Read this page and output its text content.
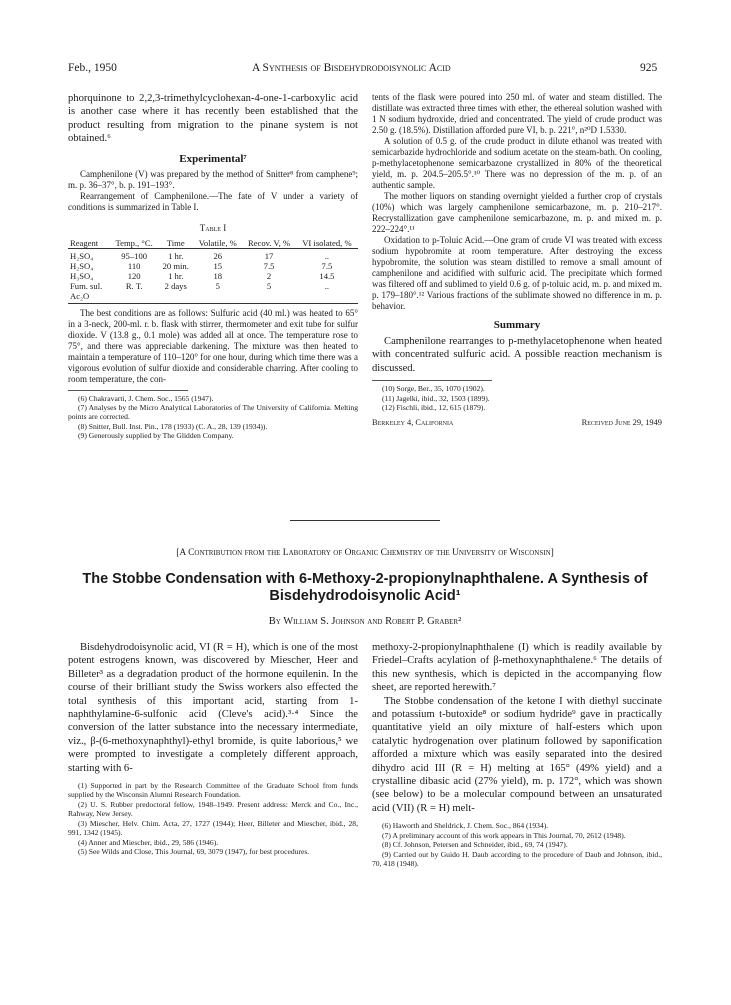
Feb., 1950	A Synthesis of Bisdehydrodoisynolic Acid	925

phorquinone to 2,2,3-trimethylcyclohexan-4-one-1-carboxylic acid is another case where it has recently been established that the product resulting from migration to the pinane system is not obtained.⁶

Experimental⁷

Camphenilone (V) was prepared by the method of Snitter⁸ from camphene⁹; m. p. 36–37°, b. p. 191–193°.

Rearrangement of Camphenilone.—The fate of V under a variety of conditions is summarized in Table I.

Table I

Reagent	Temp., °C.	Time	Volatile, %	Recov. V, %	VI isolated, %

H₂SO₄	95–100	1 hr.	26	17	..
H₂SO₄	110	20 min.	15	7.5	7.5
H₃SO₄	120	1 hr.	18	2	14.5
Fum. sul.	R. T.	2 days	5	5	..
Ac₂O					

The best conditions are as follows: Sulfuric acid (40 ml.) was heated to 65° in a 3-neck, 200-ml. r. b. flask with stirrer, thermometer and exit tube for sulfur dioxide. V (13.8 g., 0.1 mole) was added all at once. The temperature rose to 75°, and there was appreciable darkening. The mixture was then heated to maintain a temperature of 110–120° for one hour, during which time there was a vigorous evolution of sulfur dioxide and considerable charring. After cooling to room temperature, the con-

(6) Chakravarti, J. Chem. Soc., 1565 (1947).

(7) Analyses by the Micro Analytical Laboratories of The University of California. Melting points are corrected.

(8) Snitter, Bull. Inst. Pin., 178 (1933) (C. A., 28, 139 (1934)).

(9) Generously supplied by The Glidden Company.

tents of the flask were poured into 250 ml. of water and steam distilled. The distillate was extracted three times with ether, the ethereal solution washed with 1 N sodium hydroxide, dried and concentrated. The yield of crude product was 2.50 g. (18.5%). Distillation afforded pure VI, b. p. 221°, n²⁰D 1.5330.

A solution of 0.5 g. of the crude product in dilute ethanol was treated with semicarbazide hydrochloride and sodium acetate on the steam-bath. On cooling, p-methylacetophenone semicarbazone crystallized in 80% of the theoretical yield, m. p. 204.5–205.5°.¹⁰ There was no depression of the m. p. of an authentic sample.

The mother liquors on standing overnight yielded a further crop of crystals (10%) which was largely camphenilone semicarbazone, m. p. 210–217°. Recrystallization gave camphenilone semicarbazone, m. p. and mixed m. p. 222–224°.¹¹

Oxidation to p-Toluic Acid.—One gram of crude VI was treated with excess sodium hypobromite at room temperature. After destroying the excess hypobromite, the solution was steam distilled to remove a small amount of camphenilone and acidified with sulfuric acid. The precipitate which formed was filtered off and sublimed to yield 0.6 g. of p-toluic acid, m. p. and mixed m. p. 179–180°.¹² Various fractions of the sublimate showed no difference in m. p. behavior.

Summary

Camphenilone rearranges to p-methylacetophenone when heated with concentrated sulfuric acid. A possible reaction mechanism is discussed.

(10) Sorge, Ber., 35, 1070 (1902).

(11) Jagelki, ibid., 32, 1503 (1899).

(12) Fischli, ibid., 12, 615 (1879).

Berkeley 4, California	Received June 29, 1949
[A Contribution from the Laboratory of Organic Chemistry of the University of Wisconsin]
The Stobbe Condensation with 6-Methoxy-2-propionylnaphthalene. A Synthesis of Bisdehydrodoisynolic Acid¹
By William S. Johnson and Robert P. Graber²

Bisdehydrodoisynolic acid, VI (R = H), which is one of the most potent estrogens known, was discovered by Miescher, Heer and Billeter³ as a degradation product of the hormone equilenin. In the course of their brilliant study the Swiss workers also effected the total synthesis of this important acid, starting from 1-naphthylamine-6-sulfonic acid (Cleve's acid).³·⁴ Since the conversion of the latter substance into the necessary intermediate, viz., β-(6-methoxynaphthyl)-ethyl bromide, is quite laborious,⁵ we were prompted to investigate a completely different approach, starting with 6-

(1) Supported in part by the Research Committee of the Graduate School from funds supplied by the Wisconsin Alumni Research Foundation.

(2) U. S. Rubber predoctoral fellow, 1948–1949. Present address: Merck and Co., Inc., Rahway, New Jersey.

(3) Miescher, Helv. Chim. Acta, 27, 1727 (1944); Heer, Billeter and Miescher, ibid., 28, 991, 1342 (1945).

(4) Anner and Miescher, ibid., 29, 586 (1946).

(5) See Wilds and Close, This Journal, 69, 3079 (1947), for best procedures.

methoxy-2-propionylnaphthalene (I) which is readily available by Friedel–Crafts acylation of β-methoxynaphthalene.⁶ The details of this new synthesis, which is depicted in the accompanying flow sheet, are reported herewith.⁷

The Stobbe condensation of the ketone I with diethyl succinate and potassium t-butoxide⁸ or sodium hydride⁹ gave in practically quantitative yield an oily mixture of half-esters which upon catalytic hydrogenation over platinum followed by saponification afforded a mixture which was easily separated into the desired dihydro acid III (R = H) melting at 165° (49% yield) and a crystalline dibasic acid (27% yield), m. p. 172°, which was shown (see below) to be a molecular compound between an unsaturated acid (VII) (R = H) melt-

(6) Haworth and Sheldrick, J. Chem. Soc., 864 (1934).

(7) A preliminary account of this work appears in This Journal, 70, 2612 (1948).

(8) Cf. Johnson, Petersen and Schneider, ibid., 69, 74 (1947).

(9) Carried out by Guido H. Daub according to the procedure of Daub and Johnson, ibid., 70, 418 (1948).
